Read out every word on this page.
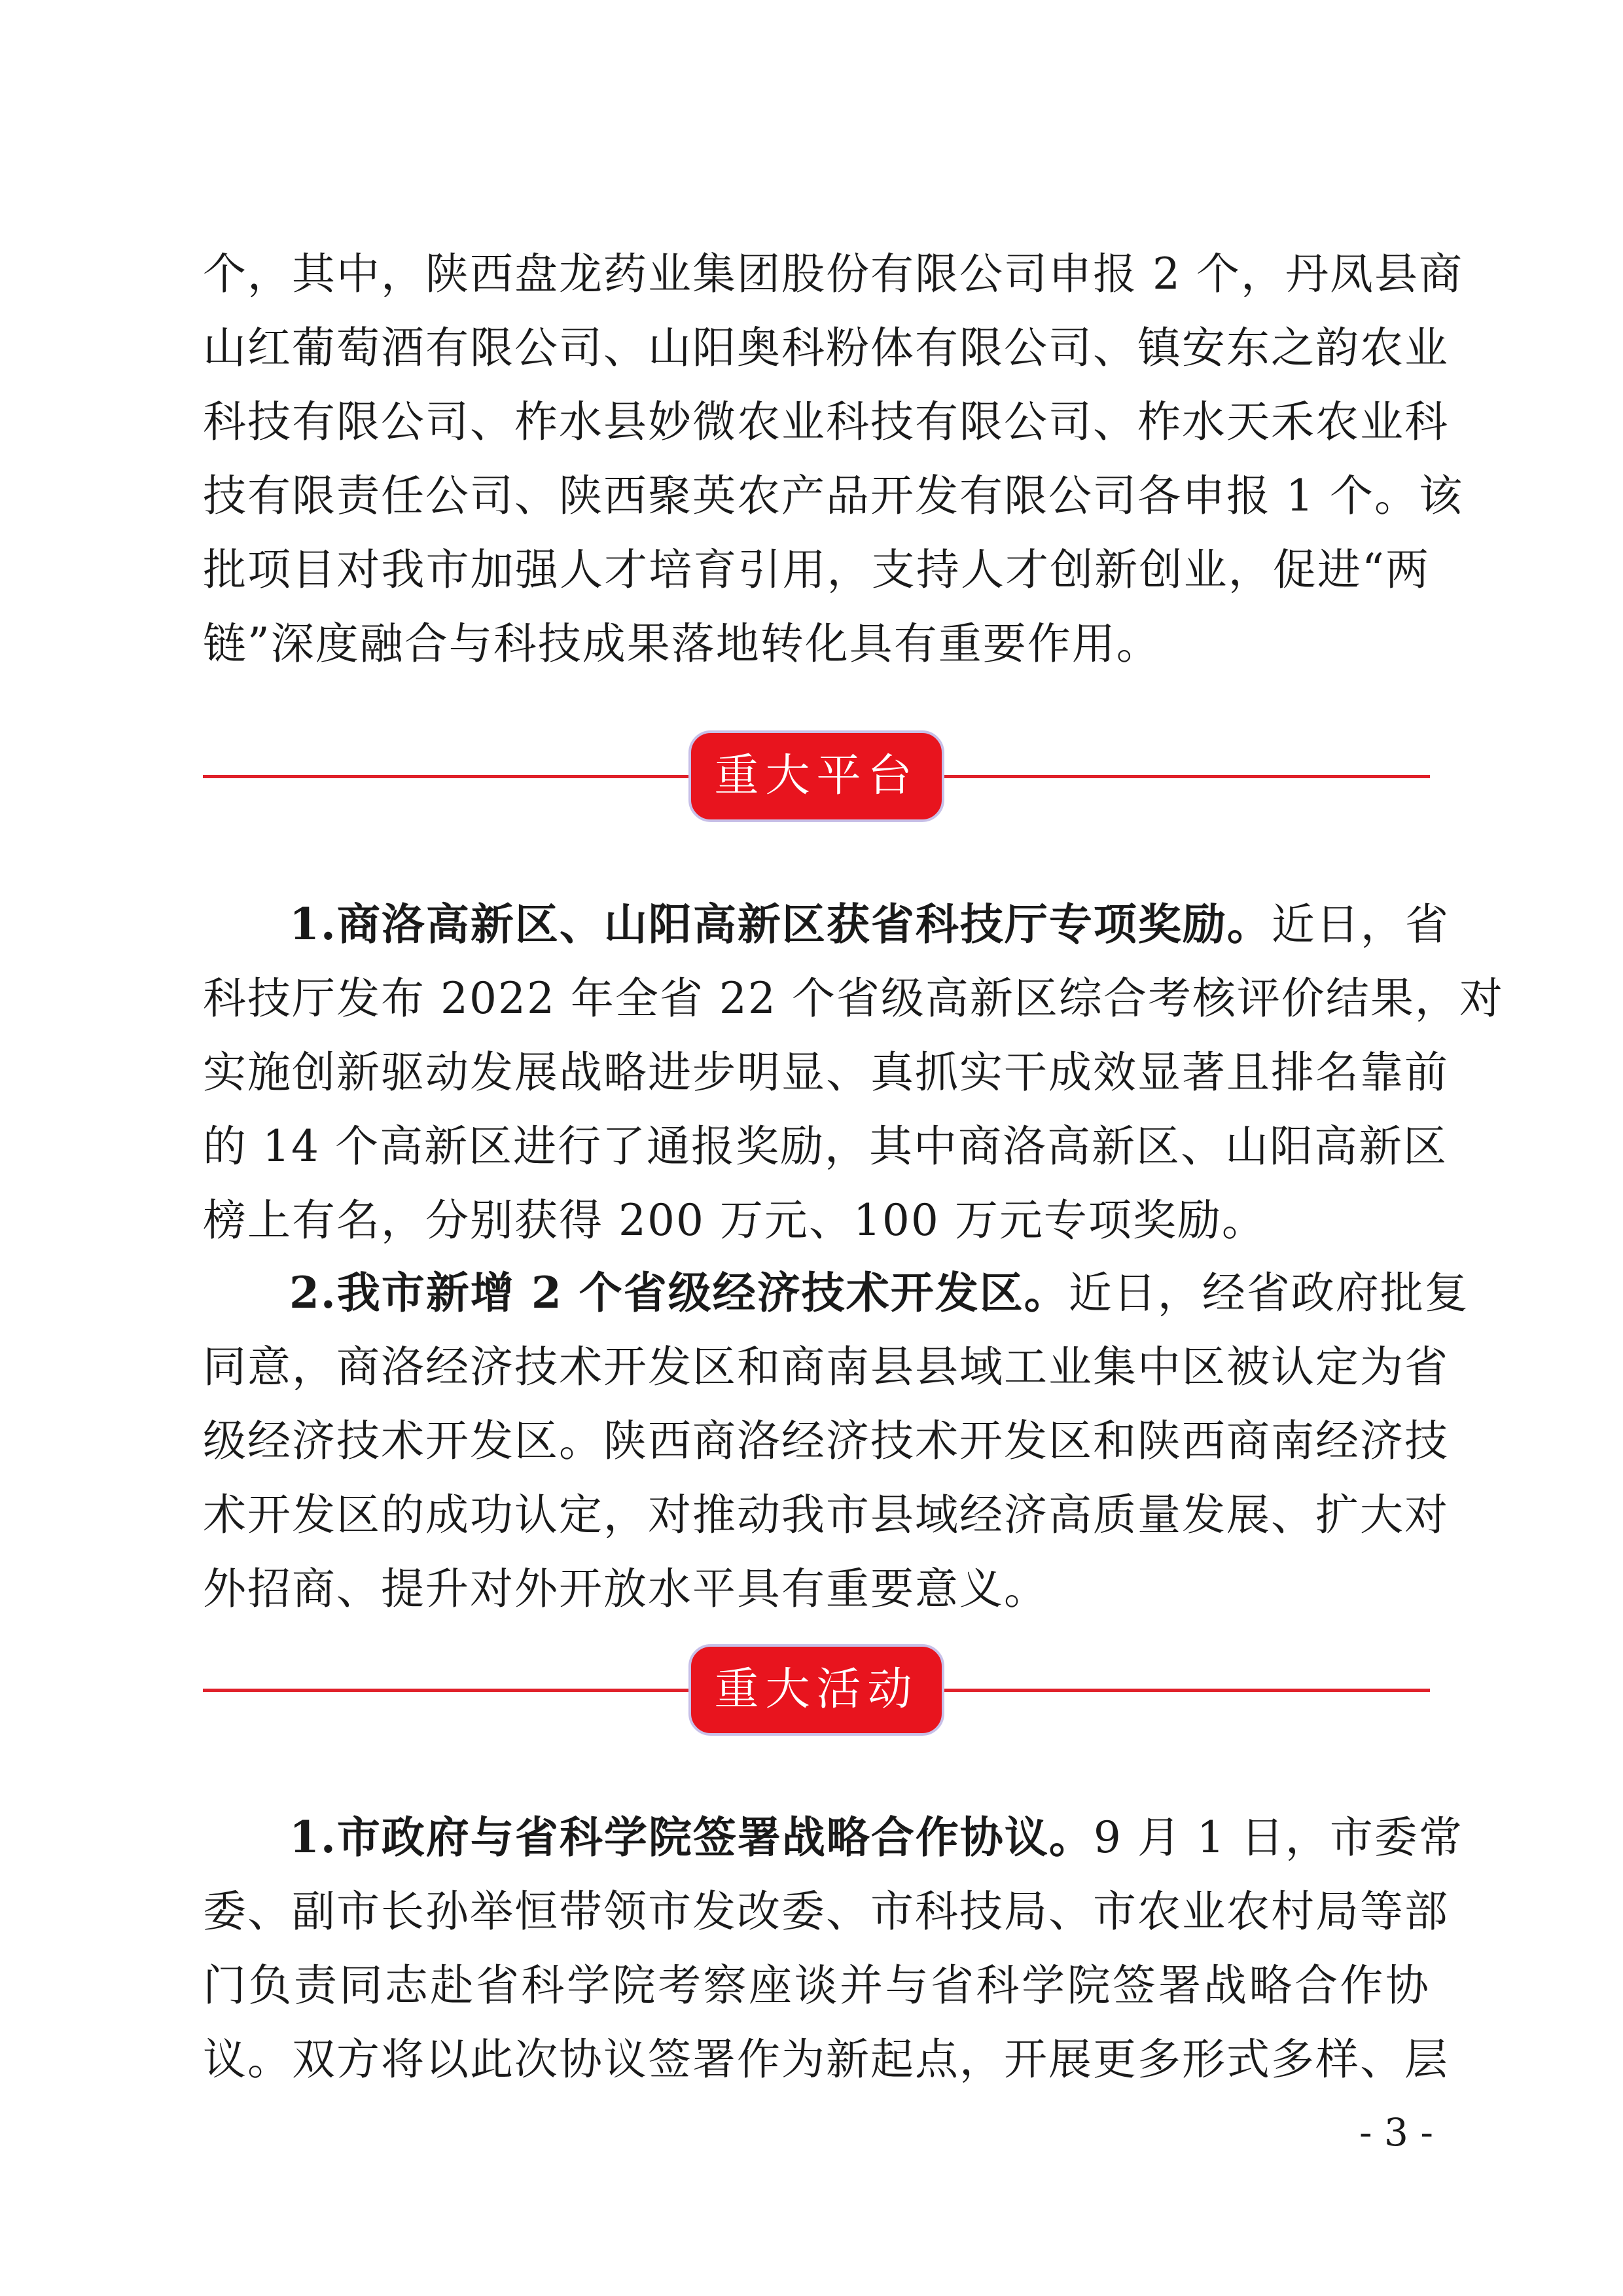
个，其中，陕西盘龙药业集团股份有限公司申报 2 个，丹凤县商
山红葡萄酒有限公司、山阳奥科粉体有限公司、镇安东之韵农业
科技有限公司、柞水县妙微农业科技有限公司、柞水天禾农业科
技有限责任公司、陕西聚英农产品开发有限公司各申报 1 个。该
批项目对我市加强人才培育引用，支持人才创新创业，促进“两
链”深度融合与科技成果落地转化具有重要作用。
重大平台
1.商洛高新区、山阳高新区获省科技厅专项奖励。近日，省
科技厅发布 2022 年全省 22 个省级高新区综合考核评价结果，对
实施创新驱动发展战略进步明显、真抓实干成效显著且排名靠前
的 14 个高新区进行了通报奖励，其中商洛高新区、山阳高新区
榜上有名，分别获得 200 万元、100 万元专项奖励。
2.我市新增 2 个省级经济技术开发区。近日，经省政府批复
同意，商洛经济技术开发区和商南县县域工业集中区被认定为省
级经济技术开发区。陕西商洛经济技术开发区和陕西商南经济技
术开发区的成功认定，对推动我市县域经济高质量发展、扩大对
外招商、提升对外开放水平具有重要意义。
重大活动
1.市政府与省科学院签署战略合作协议。9 月 1 日，市委常
委、副市长孙举恒带领市发改委、市科技局、市农业农村局等部
门负责同志赴省科学院考察座谈并与省科学院签署战略合作协
议。双方将以此次协议签署作为新起点，开展更多形式多样、层
- 3 -
